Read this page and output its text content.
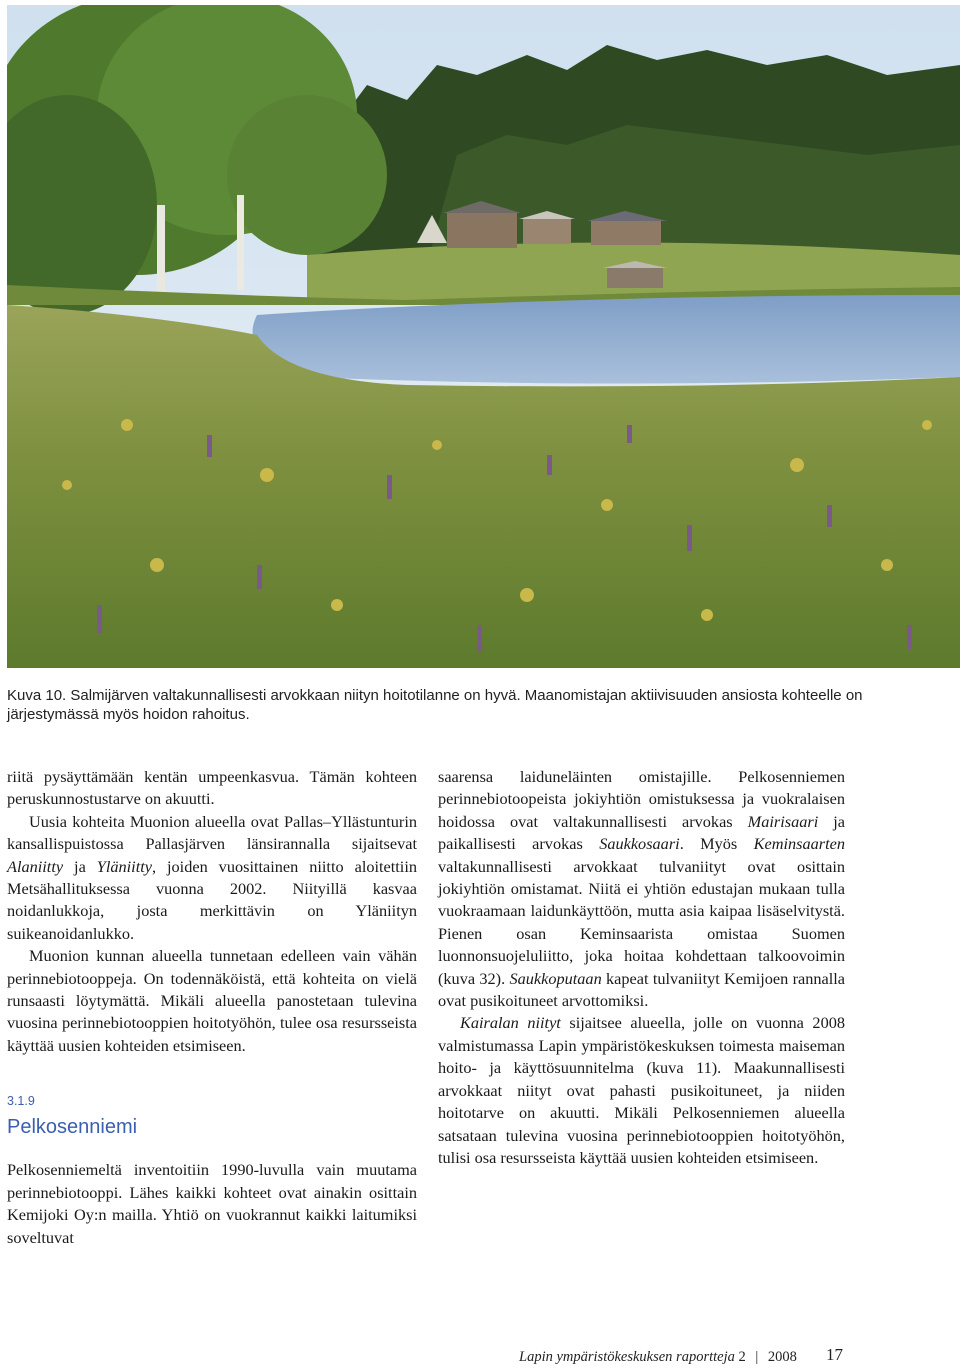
Kuva 10. Salmijärven valtakunnallisesti arvokkaan niityn hoitotilanne on hyvä. Maanomistajan aktiivisuuden ansiosta kohteelle on järjestymässä myös hoidon rahoitus.

riitä pysäyttämään kentän umpeenkasvua. Tämän kohteen peruskunnostustarve on akuutti.

Uusia kohteita Muonion alueella ovat Pallas–Yllästunturin kansallispuistossa Pallasjärven länsirannalla sijaitsevat Alaniitty ja Yläniitty, joiden vuosittainen niitto aloitettiin Metsähallituksessa vuonna 2002. Niityillä kasvaa noidanlukkoja, josta merkittävin on Yläniityn suikeanoidanlukko.

Muonion kunnan alueella tunnetaan edelleen vain vähän perinnebiotooppeja. On todennäköistä, että kohteita on vielä runsaasti löytymättä. Mikäli alueella panostetaan tulevina vuosina perinnebiotooppien hoitotyöhön, tulee osa resursseista käyttää uusien kohteiden etsimiseen.

3.1.9
Pelkosenniemi

Pelkosenniemeltä inventoitiin 1990-luvulla vain muutama perinnebiotooppi. Lähes kaikki kohteet ovat ainakin osittain Kemijoki Oy:n mailla. Yhtiö on vuokrannut kaikki laitumiksi soveltuvat

saarensa laiduneläinten omistajille. Pelkosenniemen perinnebiotoopeista jokiyhtiön omistuksessa ja vuokralaisen hoidossa ovat valtakunnallisesti arvokas Mairisaari ja paikallisesti arvokas Saukkosaari. Myös Keminsaarten valtakunnallisesti arvokkaat tulvaniityt ovat osittain jokiyhtiön omistamat. Niitä ei yhtiön edustajan mukaan tulla vuokraamaan laidunkäyttöön, mutta asia kaipaa lisäselvitystä. Pienen osan Keminsaarista omistaa Suomen luonnonsuojeluliitto, joka hoitaa kohdettaan talkoovoimin (kuva 32). Saukkoputaan kapeat tulvaniityt Kemijoen rannalla ovat pusikoituneet arvottomiksi.

Kairalan niityt sijaitsee alueella, jolle on vuonna 2008 valmistumassa Lapin ympäristökeskuksen toimesta maiseman hoito- ja käyttösuunnitelma (kuva 11). Maakunnallisesti arvokkaat niityt ovat pahasti pusikoituneet, ja niiden hoitotarve on akuutti. Mikäli Pelkosenniemen alueella satsataan tulevina vuosina perinnebiotooppien hoitotyöhön, tulisi osa resursseista käyttää uusien kohteiden etsimiseen.

Lapin ympäristökeskuksen raportteja 2 | 2008 17
